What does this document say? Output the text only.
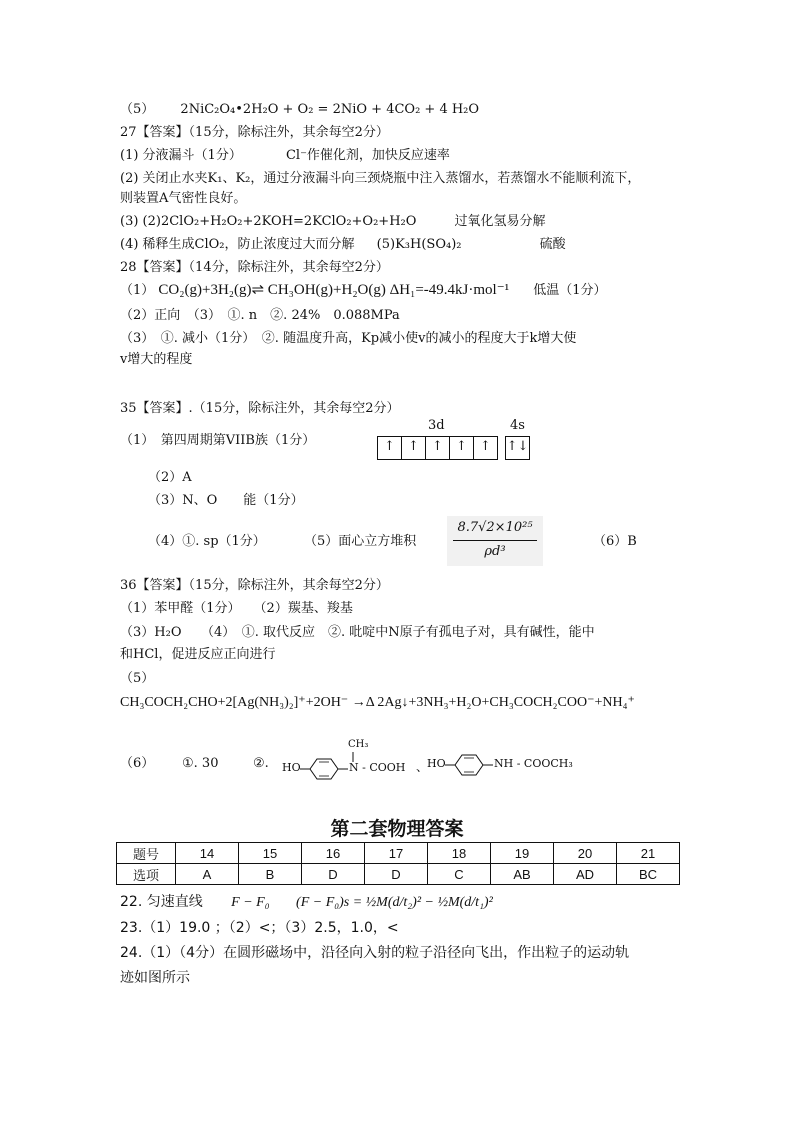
（5） 2NiC₂O₄•2H₂O + O₂ = 2NiO + 4CO₂ + 4 H₂O
27【答案】（15分，除标注外，其余每空2分）
(1) 分液漏斗（1分）	Cl⁻作催化剂，加快反应速率
(2) 关闭止水夹K₁、K₂，通过分液漏斗向三颈烧瓶中注入蒸馏水，若蒸馏水不能顺利流下，
则装置A气密性良好。
(3) (2)2ClO₂+H₂O₂+2KOH=2KClO₂+O₂+H₂O	过氧化氢易分解
(4) 稀释生成ClO₂，防止浓度过大而分解 (5)K₃H(SO₄)₂	硫酸
28【答案】（14分，除标注外，其余每空2分）
（1） CO₂(g)+3H₂(g)⇌ CH₃OH(g)+H₂O(g) ΔH₁=-49.4kJ·mol⁻¹ 低温（1分）
（2）正向　（3）　①. n　②. 24%　0.088MPa
（3）　①. 减小（1分）　②. 随温度升高，Kp减小使v的减小的程度大于k增大使
v增大的程度
35【答案】.（15分，除标注外，其余每空2分）
（1）　第四周期第VIIB族（1分）
3d	4s
↑	↑	↑	↑	↑	↑↓
（2）A
（3）N、O　　能（1分）
（4）①. sp（1分）	（5）面心立方堆积
8.7√2×10²⁵
ρd³
（6）B
36【答案】（15分，除标注外，其余每空2分）
（1）苯甲醛（1分）　　（2）羰基、羧基
（3）H₂O　　（4）　①. 取代反应　②. 吡啶中N原子有孤电子对，具有碱性，能中
和HCl，促进反应正向进行
（5）
CH₃COCH₂CHO+2[Ag(NH₃)₂]⁺+2OH⁻ →Δ 2Ag↓+3NH₃+H₂O+CH₃COCH₂COO⁻+NH₄⁺
（6） ①. 30	②. HO
CH₃
N - COOH 、
HO	NH - COOCH₃
第二套物理答案
题号	14	15	16	17	18	19	20	21
选项	A	B	D	D	C	AB	AD	BC
22. 匀速直线 F − F₀ (F − F₀)s = ½M(d/t₂)² − ½M(d/t₁)²
23.（1）19.0 ；（2）<；（3）2.5，1.0，<
24.（1）（4分）在圆形磁场中，沿径向入射的粒子沿径向飞出，作出粒子的运动轨
迹如图所示
